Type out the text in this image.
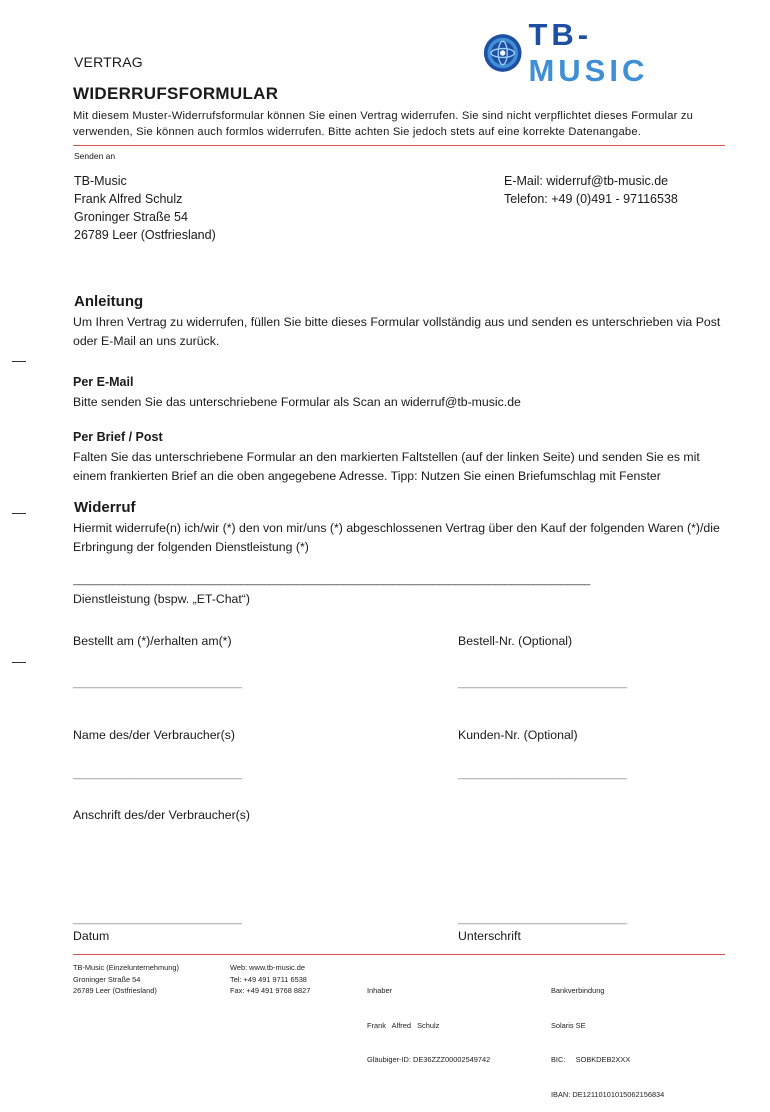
VERTRAG
TB-MUSIC
WIDERRUFSFORMULAR
Mit diesem Muster-Widerrufsformular können Sie einen Vertrag widerrufen. Sie sind nicht verpflichtet dieses Formular zu verwenden, Sie können auch formlos widerrufen. Bitte achten Sie jedoch stets auf eine korrekte Datenangabe.
Senden an
TB-Music
Frank Alfred Schulz
Groninger Straße 54
26789 Leer (Ostfriesland)
E-Mail: widerruf@tb-music.de
Telefon: +49 (0)491 - 97116538
Anleitung
Um Ihren Vertrag zu widerrufen, füllen Sie bitte dieses Formular vollständig aus und senden es unterschrieben via Post oder E-Mail an uns zurück.
Per E-Mail
Bitte senden Sie das unterschriebene Formular als Scan an widerruf@tb-music.de
Per Brief / Post
Falten Sie das unterschriebene Formular an den markierten Faltstellen (auf der linken Seite) und senden Sie es mit einem frankierten Brief an die oben angegebene Adresse. Tipp: Nutzen Sie einen Briefumschlag mit Fenster
Widerruf
Hiermit widerrufe(n) ich/wir (*) den von mir/uns (*) abgeschlossenen Vertrag über den Kauf der folgenden Waren (*)/die Erbringung der folgenden Dienstleistung (*)
____________________________________________________________________________________________
Dienstleistung (bspw. „ET-Chat“)
Bestellt am (*)/erhalten am(*)	Bestell-Nr. (Optional)
______________________________	______________________________
Name des/der Verbraucher(s)	Kunden-Nr. (Optional)
______________________________	______________________________
Anschrift des/der Verbraucher(s)
______________________________	______________________________
Datum	Unterschrift
TB-Music (Einzelunternehmung)
Groninger Straße 54
26789 Leer (Ostfriesland)
Web: www.tb-music.de
Tel: +49 491 9711 6538
Fax: +49 491 9768 8827

	Inhaber

Frank   Alfred   Schulz

Gläubiger-ID: DE36ZZZ00002549742

Bankverbindung

Solaris SE

BIC:     SOBKDEB2XXX

IBAN: DE12110101015062156834
